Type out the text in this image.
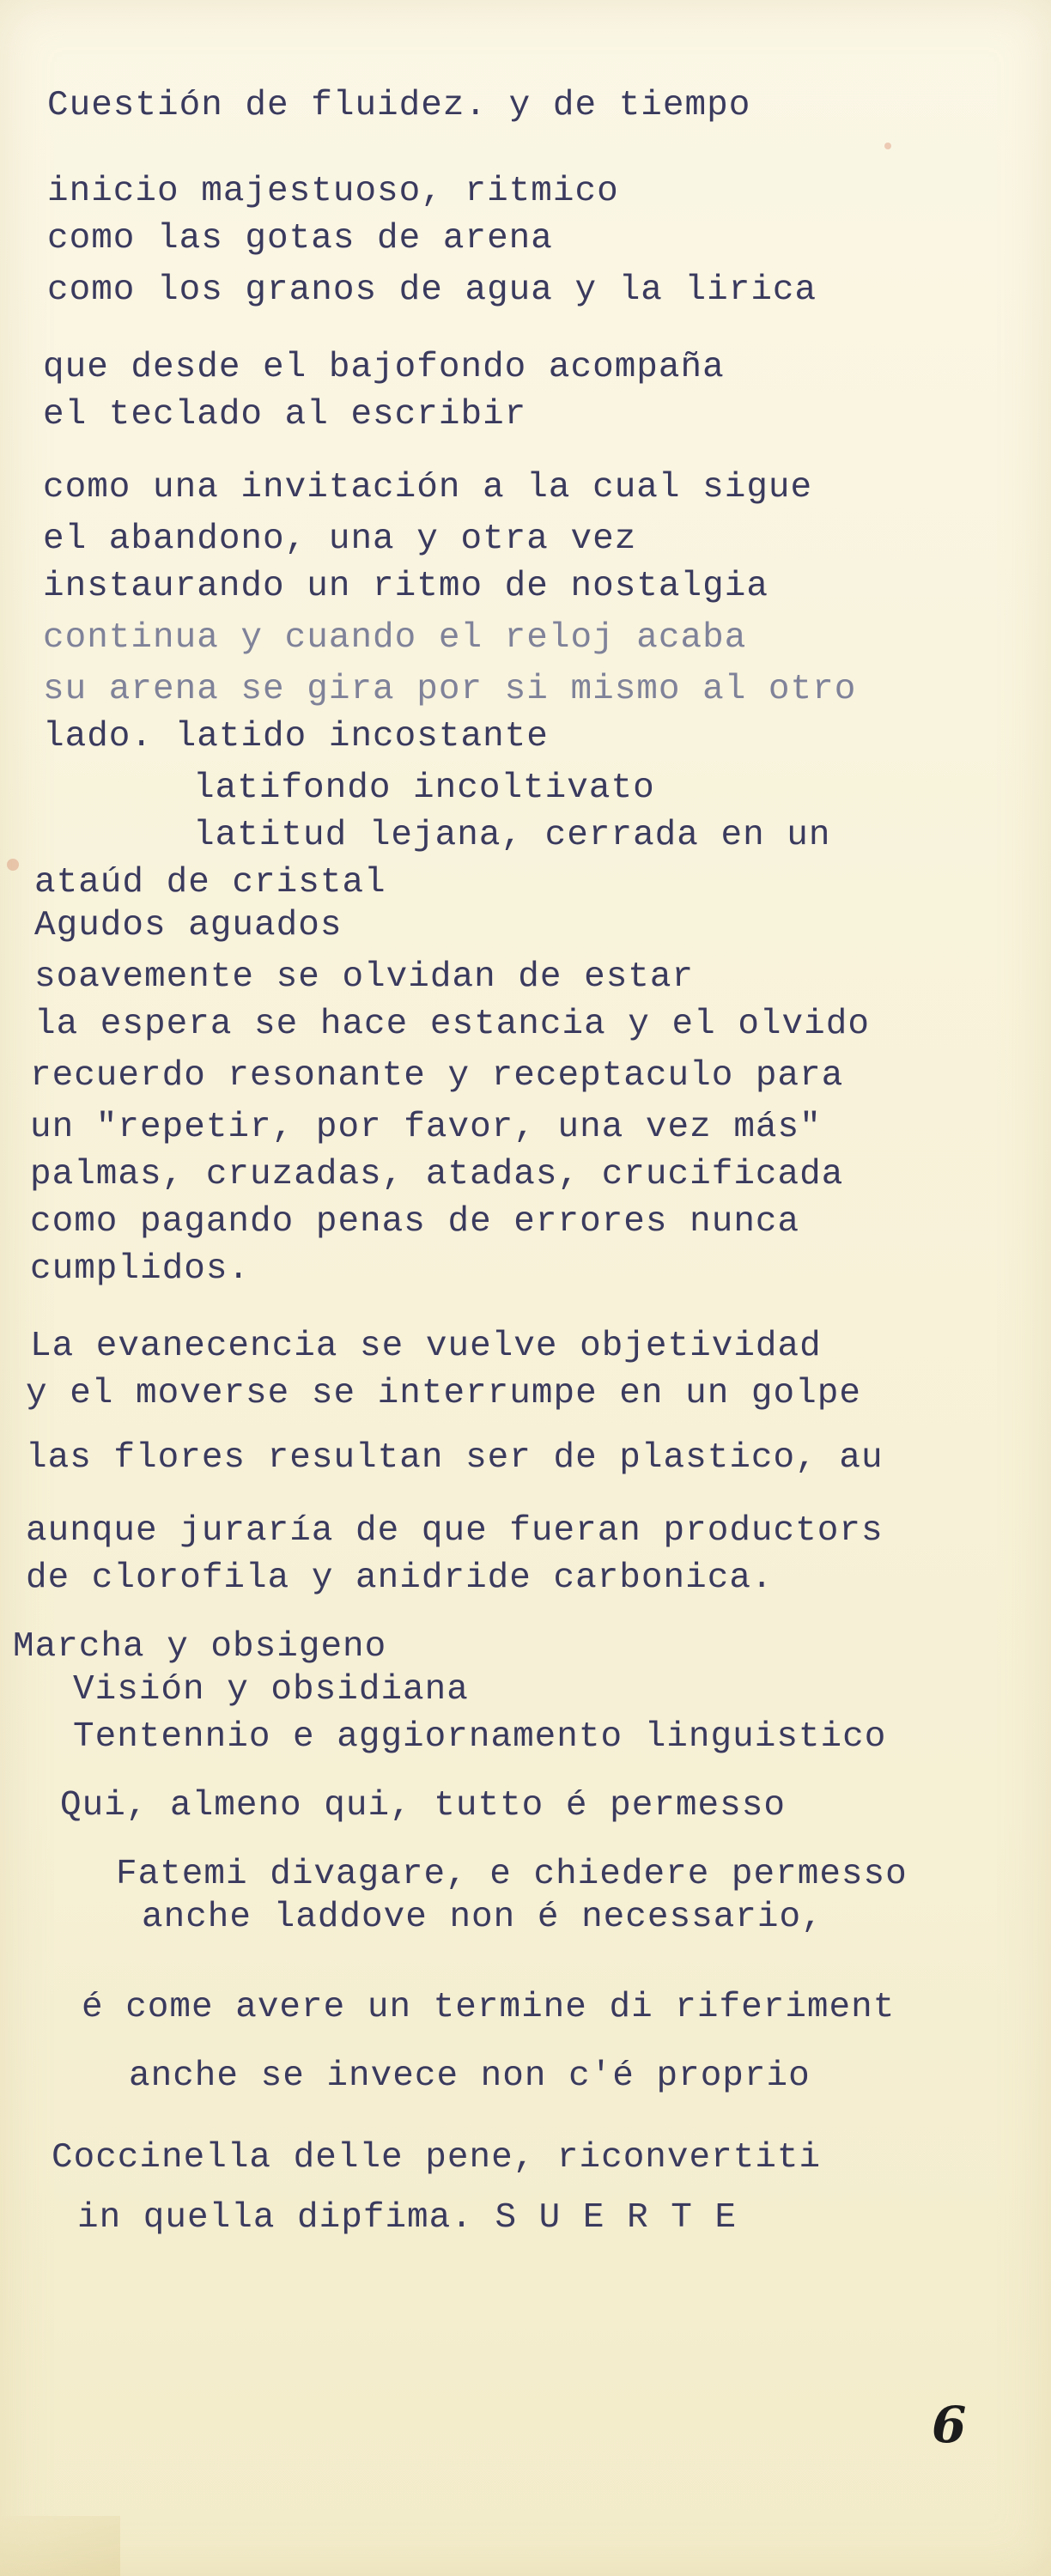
Cuestión de fluidez. y de tiempo
inicio majestuoso, ritmico
como las gotas de arena
como los granos de agua y la lirica
que desde el bajofondo acompaña
el teclado al escribir
como una invitación a la cual sigue
el abandono, una y otra vez
instaurando un ritmo de nostalgia
continua y cuando el reloj acaba
su arena se gira por si mismo al otro
lado. latido incostante
latifondo incoltivato
latitud lejana, cerrada en un
ataúd de cristal
Agudos aguados
soavemente se olvidan de estar
la espera se hace estancia y el olvido
recuerdo resonante y receptaculo para
un "repetir, por favor, una vez más"
palmas, cruzadas, atadas, crucificada
como pagando penas de errores nunca
cumplidos.
La evanecencia se vuelve objetividad
y el moverse se interrumpe en un golpe
las flores resultan ser de plastico, au
aunque juraría de que fueran productors
de clorofila y anidride carbonica.
Marcha y obsigeno
Visión y obsidiana
Tentennio e aggiornamento linguistico
Qui, almeno qui, tutto é permesso
Fatemi divagare, e chiedere permesso
anche laddove non é necessario,
é come avere un termine di riferiment
anche se invece non c'é proprio
Coccinella delle pene, riconvertiti
in quella dipfima. S U E R T E
6
